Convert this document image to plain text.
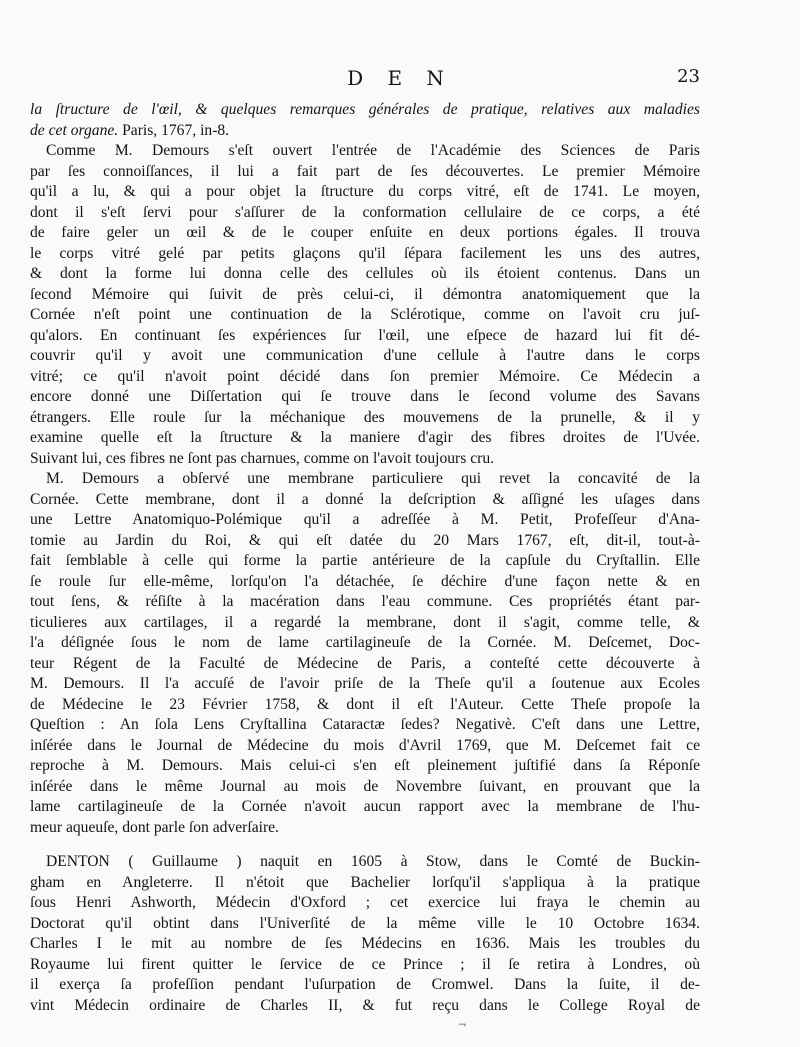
D E N	23
la ſtructure de l'œil, & quelques remarques générales de pratique, relatives aux maladies
de cet organe. Paris, 1767, in-8.
Comme M. Demours s'eſt ouvert l'entrée de l'Académie des Sciences de Paris
par ſes connoiſſances, il lui a fait part de ſes découvertes. Le premier Mémoire
qu'il a lu, & qui a pour objet la ſtructure du corps vitré, eſt de 1741. Le moyen,
dont il s'eſt ſervi pour s'aſſurer de la conformation cellulaire de ce corps, a été
de faire geler un œil & de le couper enſuite en deux portions égales. Il trouva
le corps vitré gelé par petits glaçons qu'il ſépara facilement les uns des autres,
& dont la forme lui donna celle des cellules où ils étoient contenus. Dans un
ſecond Mémoire qui ſuivit de près celui-ci, il démontra anatomiquement que la
Cornée n'eſt point une continuation de la Sclérotique, comme on l'avoit cru juſ-
qu'alors. En continuant ſes expériences ſur l'œil, une eſpece de hazard lui fit dé-
couvrir qu'il y avoit une communication d'une cellule à l'autre dans le corps
vitré; ce qu'il n'avoit point décidé dans ſon premier Mémoire. Ce Médecin a
encore donné une Diſſertation qui ſe trouve dans le ſecond volume des Savans
étrangers. Elle roule ſur la méchanique des mouvemens de la prunelle, & il y
examine quelle eſt la ſtructure & la maniere d'agir des fibres droites de l'Uvée.
Suivant lui, ces fibres ne ſont pas charnues, comme on l'avoit toujours cru.
M. Demours a obſervé une membrane particuliere qui revet la concavité de la
Cornée. Cette membrane, dont il a donné la deſcription & aſſigné les uſages dans
une Lettre Anatomiquo-Polémique qu'il a adreſſée à M. Petit, Profeſſeur d'Ana-
tomie au Jardin du Roi, & qui eſt datée du 20 Mars 1767, eſt, dit-il, tout-à-
fait ſemblable à celle qui forme la partie antérieure de la capſule du Cryſtallin. Elle
ſe roule ſur elle-même, lorſqu'on l'a détachée, ſe déchire d'une façon nette & en
tout ſens, & réſiſte à la macération dans l'eau commune. Ces propriétés étant par-
ticulieres aux cartilages, il a regardé la membrane, dont il s'agit, comme telle, &
l'a déſignée ſous le nom de lame cartilagineuſe de la Cornée. M. Deſcemet, Doc-
teur Régent de la Faculté de Médecine de Paris, a conteſté cette découverte à
M. Demours. Il l'a accuſé de l'avoir priſe de la Theſe qu'il a ſoutenue aux Ecoles
de Médecine le 23 Février 1758, & dont il eſt l'Auteur. Cette Theſe propoſe la
Queſtion : An ſola Lens Cryſtallina Cataractæ ſedes? Negativè. C'eſt dans une Lettre,
inſérée dans le Journal de Médecine du mois d'Avril 1769, que M. Deſcemet fait ce
reproche à M. Demours. Mais celui-ci s'en eſt pleinement juſtifié dans ſa Réponſe
inſérée dans le même Journal au mois de Novembre ſuivant, en prouvant que la
lame cartilagineuſe de la Cornée n'avoit aucun rapport avec la membrane de l'hu-
meur aqueuſe, dont parle ſon adverſaire.
DENTON ( Guillaume ) naquit en 1605 à Stow, dans le Comté de Buckin-
gham en Angleterre. Il n'étoit que Bachelier lorſqu'il s'appliqua à la pratique
ſous Henri Ashworth, Médecin d'Oxford ; cet exercice lui fraya le chemin au
Doctorat qu'il obtint dans l'Univerſité de la même ville le 10 Octobre 1634.
Charles I le mit au nombre de ſes Médecins en 1636. Mais les troubles du
Royaume lui firent quitter le ſervice de ce Prince ; il ſe retira à Londres, où
il exerça ſa profeſſion pendant l'uſurpation de Cromwel. Dans la ſuite, il de-
vint Médecin ordinaire de Charles II, & fut reçu dans le College Royal de
¬
